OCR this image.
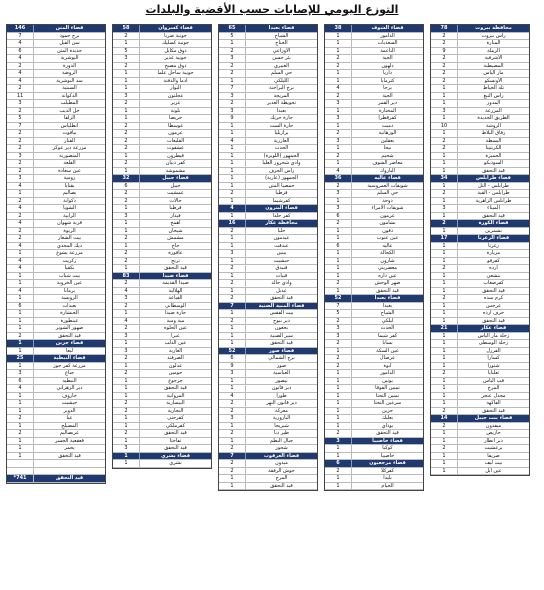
التوزع اليومي للإصابات حسب الأقضية والبلدات
محافظة بيروت
78
رأس بيروت
2
المنارة
2
الرملة
9
الأشرفية
2
المصيطبة
2
مار الياس
2
الأونسكو
2
تلة الخياط
1
رأس النبع
1
المدور
1
المزرعة
3
الطريق الجديدة
1
الروشة
10
زقاق البلاط
1
البسطة
2
الكرنتينا
2
الجميزة
1
السوديكو
1
قيد التحقق
1
قضاء طرابلس
34
طرابلس - التل
1
طرابلس - القبة
2
طرابلس الزاهرية
1
الميناء
3
قيد التحقق
1
قضاء الكورة
2
بشمزين
1
قضاء الزغرتا
17
زغرتا
1
مزيارة
1
كفرفو
1
ارده
2
بنشعي
1
كفرصغاب
1
قيد التحقق
1
كرم سده
2
عرجس
1
حرف ارده
1
قيد التحقق
1
قضاء عكار
21
زحلة مار الياس
1
زحلة الوسطى
1
الفرزل
1
كسارا
1
شتورا
1
تعلبايا
2
قب الياس
1
المرج
1
مجدل عنجر
1
الفاكهة
1
قيد التحقق
2
قضاء بنت جبيل
14
ميفدون
2
حاريص
1
دير انطار
1
برعشيت
2
صريفا
1
بيت ليف
1
عين ابل
1
قضاء الشوف
38
الدامور
1
السعديات
1
الناعمة
1
الجية
2
دلهون
2
داريا
1
كترمايا
1
برجا
4
الجية
2
دير القمر
3
المختارة
1
كفرقطرا
3
دميت
1
الورهانية
2
بعقلين
3
نيحا
1
شحيم
2
معاصر الشوف
1
الباروك
4
قضاء عاليه
36
شويفات العمروسية
2
حي السلم
3
دوحة
1
شويفات الامراء
3
عرمون
6
بشامون
2
دقون
1
عين عنوب
1
عاليه
6
الكحالة
1
شارون
1
معصريتي
1
عين داره
1
ضهر الوحش
2
قيد التحقق
1
قضاء بعبدا
52
بعبدا
7
الشياح
5
ليلكي
2
الحدث
3
كفر شيما
3
بسابا
2
عين السكة
1
عرصال
2
ابوة
2
الدامور
1
يونين
1
تمنين الفوقا
1
تمنين التحتا
1
سرعين التحتا
1
حزين
1
بعلبك
1
بوداي
1
قيد التحقق
2
قضاء حاصبيا
3
كوكبا
1
حاصبيا
1
قضاء مرجعيون
6
كفركلا
2
بليدا
1
الخيام
1
قضاء بعبدا
65
الشياح
5
الجناح
1
الأوزاعي
2
بئر حسن
3
الغبيري
2
حي السلم
2
الليلكي
1
برج البراجنة
7
المريجة
3
تحويطة الغدير
2
بعبدا
3
حارة حريك
9
حارة الست
1
برازيليا
1
العازرية
4
الحدث
1
الجمهور (اللويزة)
1
وادي شحرور العليا
1
رأس الحرف
1
الجمهور (عارية)
1
حمصيا المتن
1
قرطبا
2
كفرشيما
1
قضاء البترون
4
كفر حلدا
1
محافظة عكار
16
حلبا
2
عيدمون
1
عندقت
1
ببنين
3
حبشيت
1
فنيدق
2
قبيات
1
وادي خالد
2
عدبل
1
قيد التحقق
2
قضاء المنية الضنية
7
بيت الفقس
1
دير نبوح
2
بخعون
1
سير الضنية
1
قيد التحقق
1
قضاء صور
52
برج الشمالي
6
صور
9
العباسية
3
بيصور
1
دير قانون
1
طورا
4
دير قانون النهر
2
معركة
2
البازورية
3
شبريحا
1
طير دبا
2
جبال البطم
1
شحور
2
قضاء العرقوب
7
ميدون
2
حوش الرفقة
2
المرج
1
قيد التحقق
1
قضاء كسروان
58
جونية صربا
2
جونية كسليك
1
ذوق مكايل
5
جونية غدير
3
ذوق مصبح
2
جونية ساحل علما
1
ادما والدفنة
1
البوار
1
عجلتون
3
غزير
2
بلونة
1
حريصا
1
غوسطا
2
عرمون
2
القليعات
2
عشقوت
2
فيطرون
1
كفر ذبيان
2
مشموشة
1
قضاء جبيل
32
جبيل
6
عمشيت
2
حالات
2
قرطبا
1
فيدار
3
اهمج
1
شيخان
1
مشمش
2
جاج
1
عاقورة
2
ترتج
2
قيد التحقق
1
قضاء صيدا
83
صيدا القديمة
2
الهلالية
4
القياعة
3
الوسطاني
2
حارة صيدا
1
مية ومية
4
عين الحلوة
2
عبرا
3
عين الدلب
1
الغازية
3
الصرفند
2
عدلون
1
حومين
2
جرجوع
1
قيد التحقق
1
المروانية
1
البيسارية
2
النجارية
2
كفرحتى
1
كفرملكي
1
قيد التحقق
2
تفاحتا
1
قيد التحقق
3
قضاء بشري
1
بشري
1
قضاء المتن
146
برج حمود
7
سن الفيل
4
جديدة المتن
6
البوشرية
4
الدورة
2
الروضة
4
سد البوشرية
4
السبتية
2
الدكوانة
11
المطيلب
3
جل الديب
2
الزلقا
5
انطلياس
7
بياقوت
2
الفنار
2
مزرعة دير عوكر
2
المنصورية
3
القلعة
2
عين سعادة
2
رومية
3
بقنايا
4
بصاليم
1
ذكوانة
2
الشويا
4
الرابية
2
قرنة شهوان
4
الربوة
2
بيت الشعار
2
ديك المحدي
4
مزرعة يشوع
1
زكريت
4
بكفيا
4
بيت شباب
1
عين الخروبة
1
برمانا
4
الرويسة
1
بعبدات
6
الخنشارة
1
عينطورة
1
ضهور الشوير
1
قيد التحقق
2
قضاء جزين
1
لبعا
1
قضاء النبطية
25
مزرعة كفر جوز
1
جباع
3
النبطية
6
دير الزهراني
4
حاروف
1
جبشيت
1
الدوير
1
عبا
2
المصيلح
1
عربصاليم
2
قعقعية الجسر
1
يحمر
1
قيد التحقق
1
قيد التحقق
741*
